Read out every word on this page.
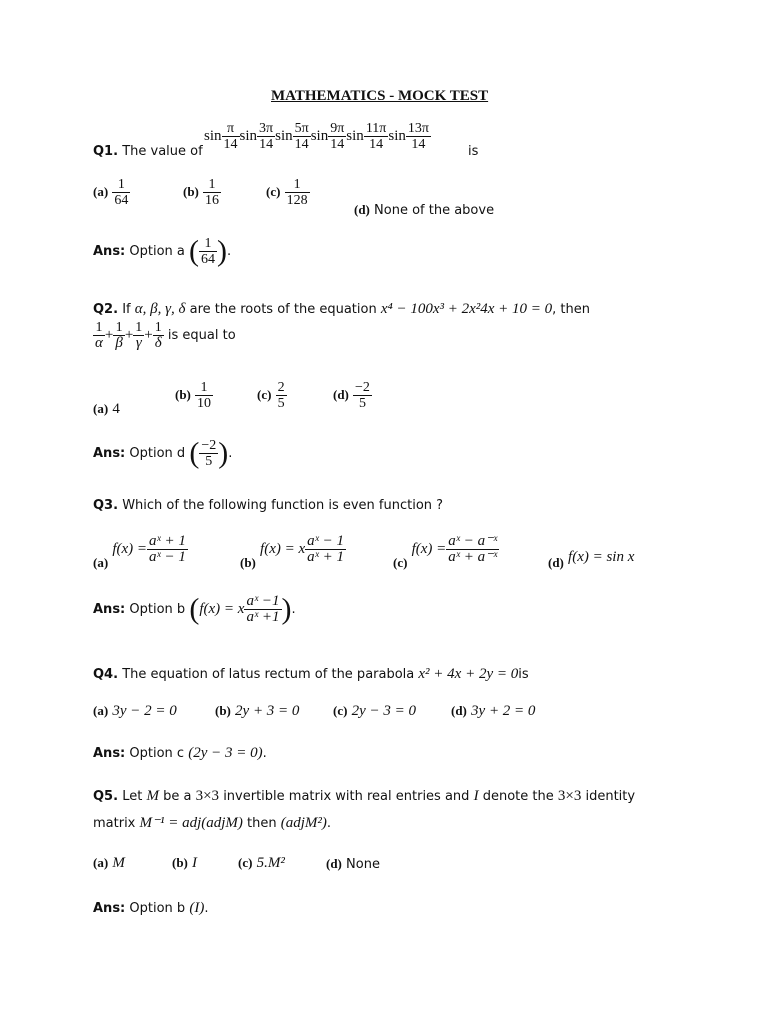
MATHEMATICS - MOCK TEST
$\sin \frac{\pi}{14}$ $\sin \frac{3\pi}{14}$ $\sin \frac{5\pi}{14}$ $\sin \frac{9\pi}{14}$ $\sin \frac{11\pi}{14}$ $\sin \frac{13\pi}{14}$
Q1. The value of	is
$(a) \frac{1}{64}$	$(b) \frac{1}{16}$	$(c) \frac{1}{128}$
(d) None of the above
Ans: Option a ( $\frac{1}{64}$ ).
Q2. If α, β, γ, δ are the roots of the equation x⁴ − 100x³ + 2x²4x + 10 = 0, then
$\frac{1}{\alpha} + \frac{1}{\beta} + \frac{1}{\gamma} + \frac{1}{\delta}$ is equal to
(a) 4
$(b) \frac{1}{10}$	$(c) \frac{2}{5}$	$(d) \frac{-2}{5}$
Ans: Option d ( $\frac{-2}{5}$ ).
Q3. Which of the following function is even function ?
(a) $f(x) = \frac{\text{aˣ + 1}}{\text{aˣ − 1}}$	(b) f(x) = x $\frac{\text{aˣ − 1}}{\text{aˣ + 1}}$	(c) $f(x) = \frac{\text{aˣ − a⁻ˣ}}{\text{aˣ + a⁻ˣ}}$	(d) f(x) = sin x
Ans: Option b (f(x) = x $\frac{\text{aˣ −1}}{\text{aˣ +1}}$ ).
Q4. The equation of latus rectum of the parabola x² + 4x + 2y = 0is
(a) 3y − 2 = 0	(b) 2y + 3 = 0	(c) 2y − 3 = 0	(d) 3y + 2 = 0
Ans: Option c (2y − 3 = 0).
Q5. Let M be a 3×3 invertible matrix with real entries and I denote the 3×3 identity
matrix M⁻¹ = adj(adjM) then (adjM²).
(a) M	(b) I	(c) 5.M²	(d) None
Ans: Option b (I).
